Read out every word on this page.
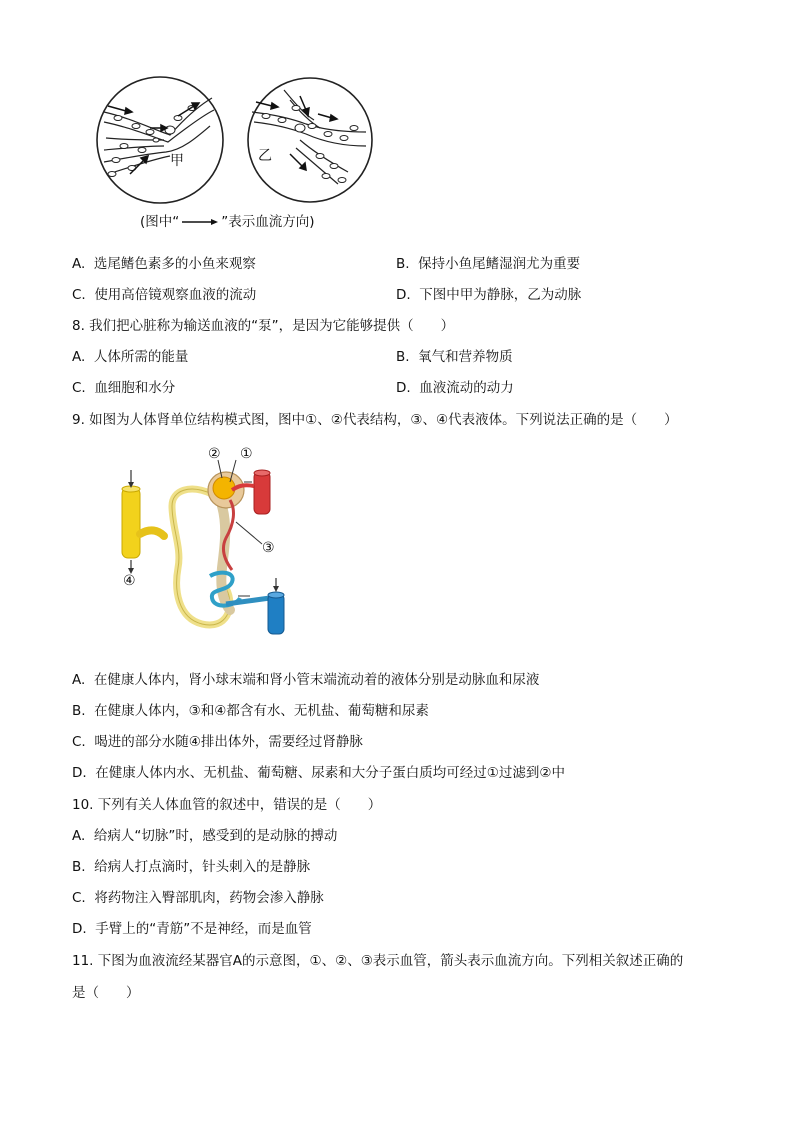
甲	乙
(图中“	”表示血流方向)
A. 选尾鳍色素多的小鱼来观察	B. 保持小鱼尾鳍湿润尤为重要
C. 使用高倍镜观察血液的流动	D. 下图中甲为静脉，乙为动脉
8. 我们把心脏称为输送血液的“泵”，是因为它能够提供（　　）
A. 人体所需的能量	B. 氧气和营养物质
C. 血细胞和水分	D. 血液流动的动力
9. 如图为人体肾单位结构模式图，图中①、②代表结构，③、④代表液体。下列说法正确的是（　　）
④
② ①
③
A. 在健康人体内，肾小球末端和肾小管末端流动着的液体分别是动脉血和尿液
B. 在健康人体内，③和④都含有水、无机盐、葡萄糖和尿素
C. 喝进的部分水随④排出体外，需要经过肾静脉
D. 在健康人体内水、无机盐、葡萄糖、尿素和大分子蛋白质均可经过①过滤到②中
10. 下列有关人体血管的叙述中，错误的是（　　）
A. 给病人“切脉”时，感受到的是动脉的搏动
B. 给病人打点滴时，针头刺入的是静脉
C. 将药物注入臀部肌肉，药物会渗入静脉
D. 手臂上的“青筋”不是神经，而是血管
11. 下图为血液流经某器官A的示意图，①、②、③表示血管，箭头表示血流方向。下列相关叙述正确的
是（　　）
